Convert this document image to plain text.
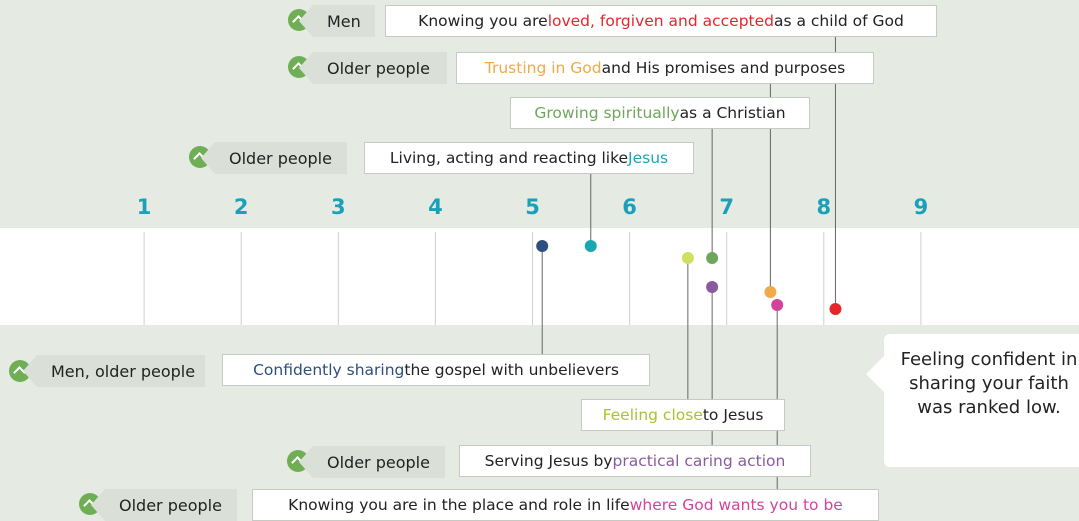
1	2	3	4	5	6	7	8	9
Men	Knowing you are loved, forgiven and accepted as a child of God
Older people	Trusting in God and His promises and purposes
Growing spiritually as a Christian
Older people	Living, acting and reacting like Jesus
Men, older people	Confidently sharing the gospel with unbelievers
Feeling close to Jesus
Older people	Serving Jesus by practical caring action
Older people	Knowing you are in the place and role in life where God wants you to be
Feeling confident in sharing your faith was ranked low.
